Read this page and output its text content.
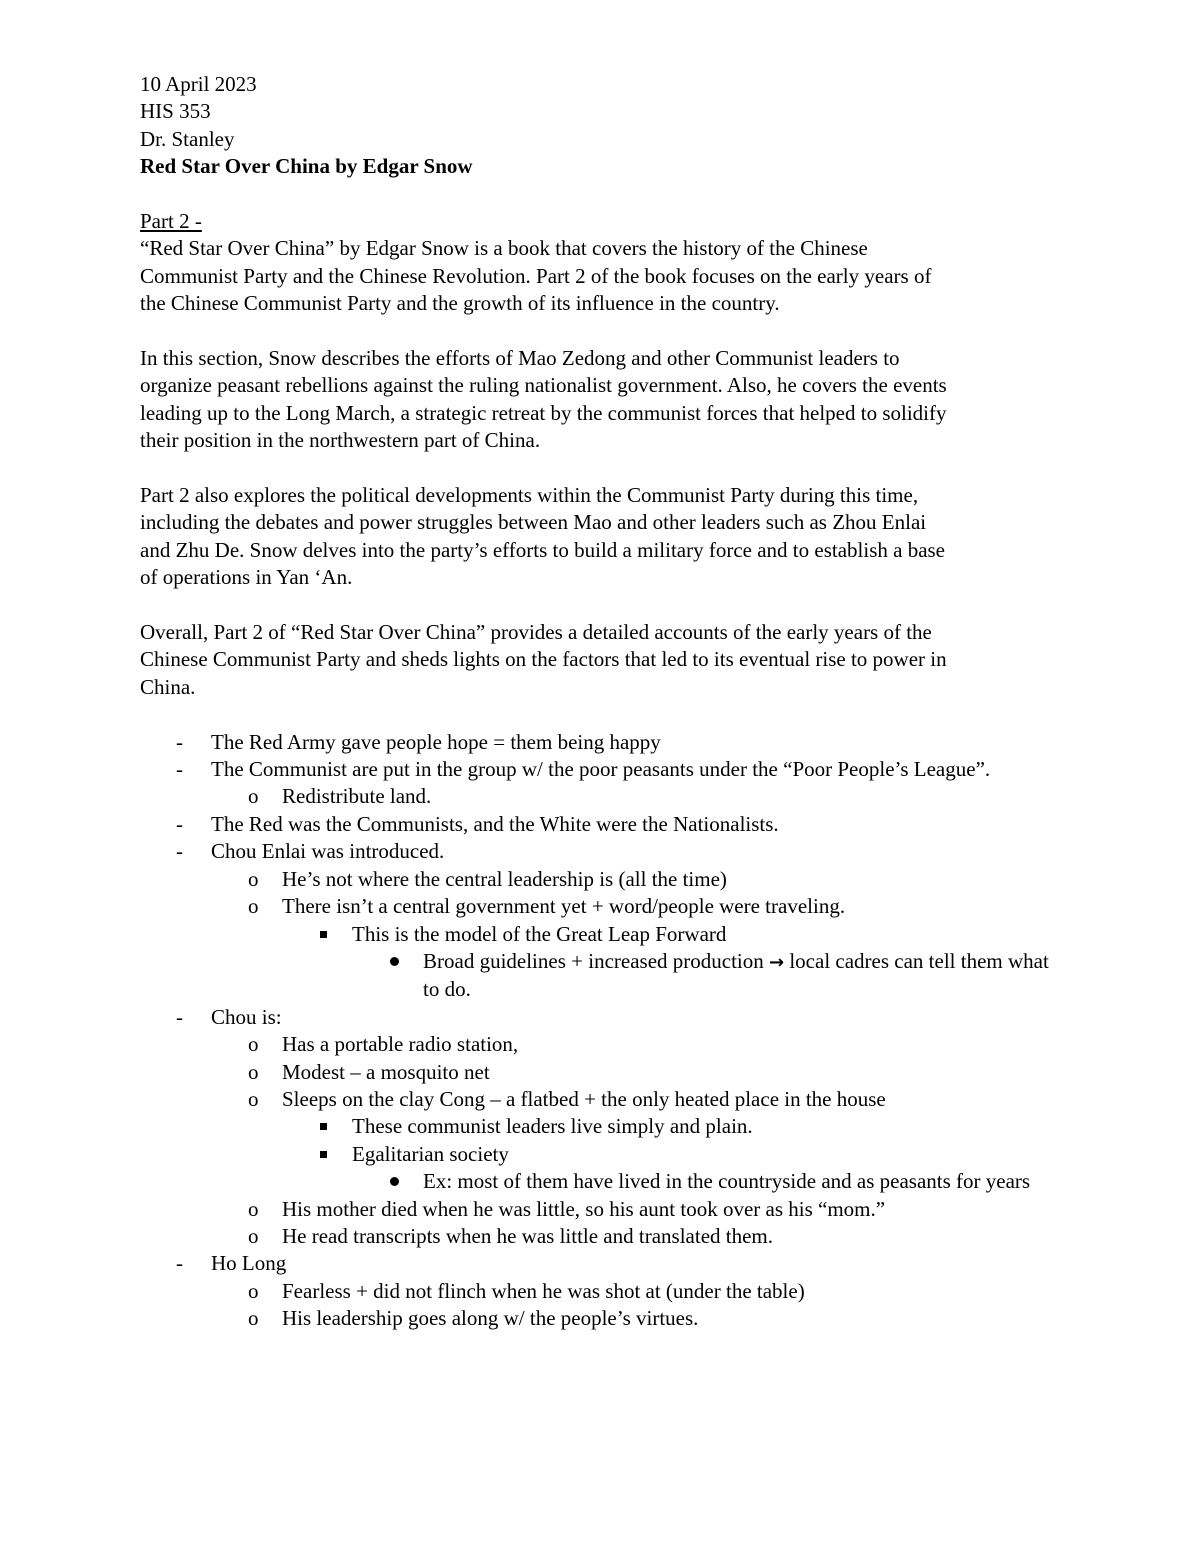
10 April 2023
HIS 353
Dr. Stanley
Red Star Over China by Edgar Snow
Part 2 -
“Red Star Over China” by Edgar Snow is a book that covers the history of the Chinese
Communist Party and the Chinese Revolution. Part 2 of the book focuses on the early years of
the Chinese Communist Party and the growth of its influence in the country.
In this section, Snow describes the efforts of Mao Zedong and other Communist leaders to
organize peasant rebellions against the ruling nationalist government. Also, he covers the events
leading up to the Long March, a strategic retreat by the communist forces that helped to solidify
their position in the northwestern part of China.
Part 2 also explores the political developments within the Communist Party during this time,
including the debates and power struggles between Mao and other leaders such as Zhou Enlai
and Zhu De. Snow delves into the party’s efforts to build a military force and to establish a base
of operations in Yan ‘An.
Overall, Part 2 of “Red Star Over China” provides a detailed accounts of the early years of the
Chinese Communist Party and sheds lights on the factors that led to its eventual rise to power in
China.
-	The Red Army gave people hope = them being happy
-	The Communist are put in the group w/ the poor peasants under the “Poor People’s League”.
o	Redistribute land.
-	The Red was the Communists, and the White were the Nationalists.
-	Chou Enlai was introduced.
o	He’s not where the central leadership is (all the time)
o	There isn’t a central government yet + word/people were traveling.
This is the model of the Great Leap Forward
Broad guidelines + increased production → local cadres can tell them what to do.
-	Chou is:
o	Has a portable radio station,
o	Modest – a mosquito net
o	Sleeps on the clay Cong – a flatbed + the only heated place in the house
These communist leaders live simply and plain.
Egalitarian society
Ex: most of them have lived in the countryside and as peasants for years
o	His mother died when he was little, so his aunt took over as his “mom.”
o	He read transcripts when he was little and translated them.
-	Ho Long
o	Fearless + did not flinch when he was shot at (under the table)
o	His leadership goes along w/ the people’s virtues.
